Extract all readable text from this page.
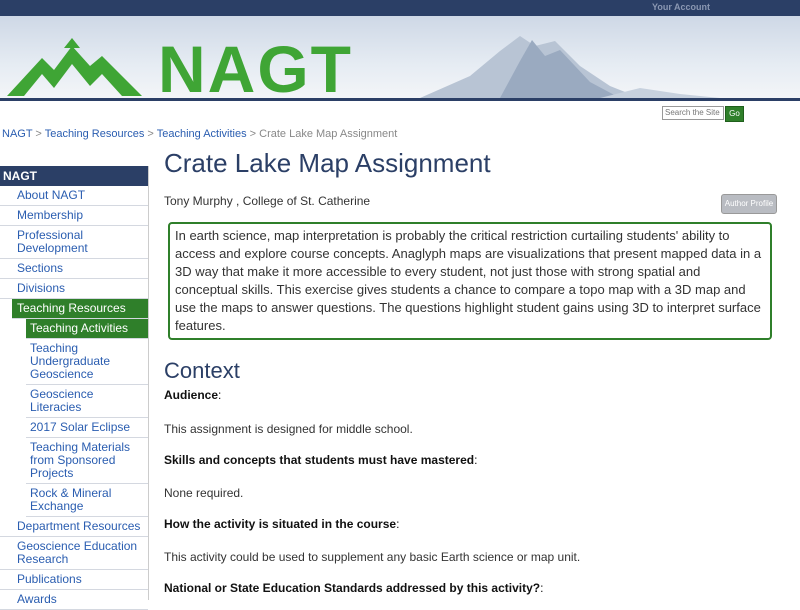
Your Account
NAGT
Search the Site	Go
NAGT > Teaching Resources > Teaching Activities > Crate Lake Map Assignment
NAGT
About NAGT
Membership
Professional Development
Sections
Divisions
Teaching Resources
Teaching Activities
Teaching Undergraduate Geoscience
Geoscience Literacies
2017 Solar Eclipse
Teaching Materials from Sponsored Projects
Rock & Mineral Exchange
Department Resources
Geoscience Education Research
Publications
Awards
Crate Lake Map Assignment
Tony Murphy , College of St. Catherine	Author Profile
In earth science, map interpretation is probably the critical restriction curtailing students' ability to access and explore course concepts. Anaglyph maps are visualizations that present mapped data in a 3D way that make it more accessible to every student, not just those with strong spatial and conceptual skills. This exercise gives students a chance to compare a topo map with a 3D map and use the maps to answer questions. The questions highlight student gains using 3D to interpret surface features.
Context
Audience:
This assignment is designed for middle school.
Skills and concepts that students must have mastered:
None required.
How the activity is situated in the course:
This activity could be used to supplement any basic Earth science or map unit.
National or State Education Standards addressed by this activity?:
